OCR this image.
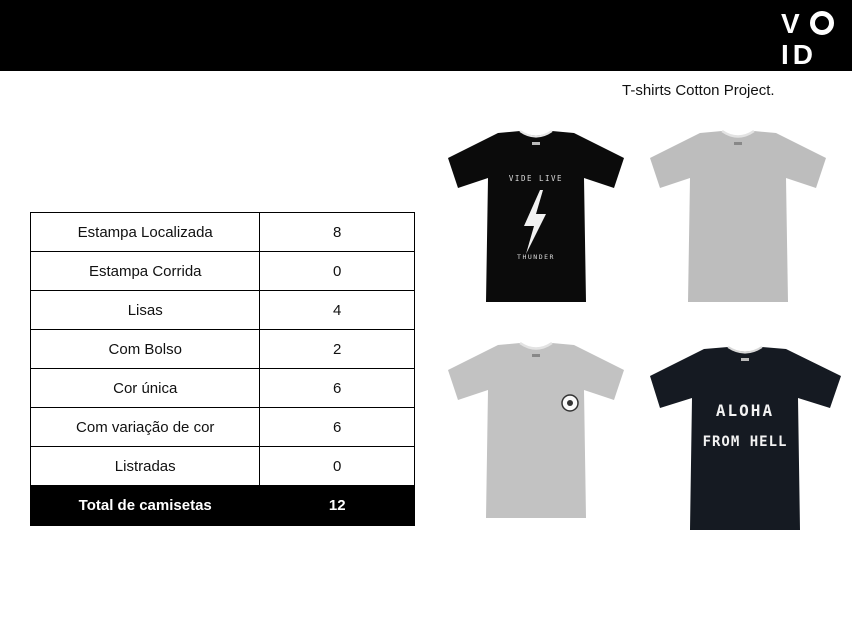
V
ID
T-shirts Cotton Project.
Estampa Localizada	8
Estampa Corrida	0
Lisas	4
Com Bolso	2
Cor única	6
Com variação de cor	6
Listradas	0
Total de camisetas	12
VIDE LIVE
THUNDER
ALOHA
FROM HELL
